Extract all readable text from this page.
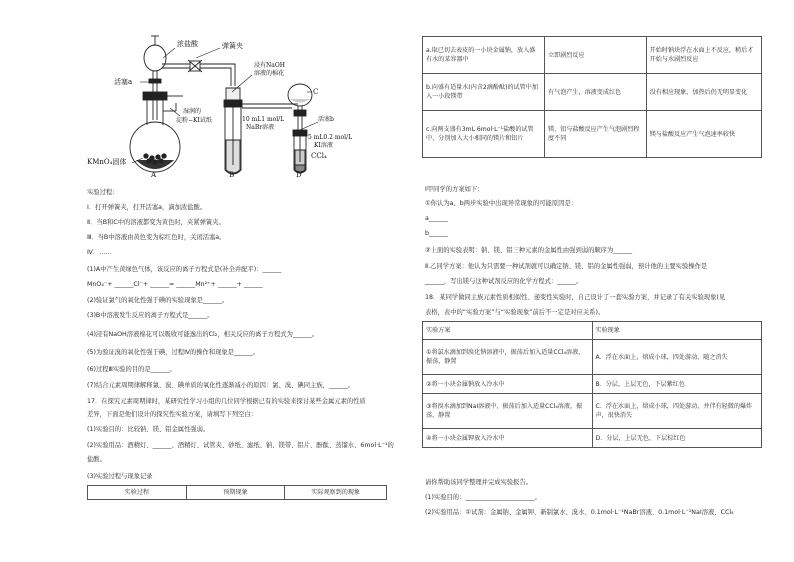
浓盐酸
活塞a
弹簧夹
浸有NaOH
溶液的棉花
湿润的
淀粉−KI试纸	10 mL1 mol/L
NaBr溶液
C
活塞b
5 mL0.2 mol/L
KI溶液
CCl₄
KMnO₄固体
A	B	D
实验过程：
Ⅰ．打开弹簧夹，打开活塞a，滴加浓盐酸。
Ⅱ．当B和C中的溶液都变为黄色时，夹紧弹簧夹。
Ⅲ．当B中溶液由黄色变为棕红色时，关闭活塞a。
Ⅳ．……
(1)A中产生黄绿色气体，该反应的离子方程式是(补全并配平)：______
MnO₄⁻+ ______Cl⁻+ ______= ______Mn²⁺+ ______+ ______
(2)验证氯气的氧化性强于碘的实验现象是______。
(3)B中溶液发生反应的离子方程式是______。
(4)浸有NaOH溶液棉花可以吸收可能逸出的Cl₂，相关反应的离子方程式为______。
(5)为验证溴的氧化性强于碘，过程Ⅳ的操作和现象是______。
(6)过程Ⅲ实验的目的是______。
(7)结合元素周期律解释氯、溴、碘单质的氧化性逐渐减小的原因：氯、溴、碘同主族，______。
17．在探究元素周期律时，某研究性学习小组的几位同学根据已有的实验来探讨某些金属元素的性质
差异，下面是他们设计的探究性实验方案，请填写下列空白：
(1)实验目的：比较钠、镁、铝金属性强弱。
(2)实验用品：酒精灯、______、酒精灯、试管夹、砂纸、滤纸、钠、镁带、铝片、酚酞、蒸馏水、6mol·L⁻¹的
盐酸。
(3)实验过程与现象记录
实验过程	预期现象	实际观察到的现象
a.取已切去表皮的一小块金属钠，放入盛有水的某容器中	立即剧烈反应	开始时钠块浮在水面上不反应，稍后才开始与水剧烈反应
b.向盛有适量水(内含2滴酚酞)的试管中加入一小段镁带	有气泡产生，溶液变成红色	没有相应现象，加热后仍无明显变化
c.向两支盛有3mL 6mol·L⁻¹盐酸的试管中，分别加入大小相同的镁片和铝片	镁、铝与盐酸反应产生气泡剧烈程度不同	镁与盐酸反应产生气泡速率较快
Ⅰ甲同学的方案如下：
①你认为a、b两步实验中出现异常现象的可能原因是：
a______
b______
②上面的实验表明：钠、镁、铝三种元素的金属性由强到弱的顺序为______
Ⅱ.乙同学方案：他认为只需要一种试剂就可以确定钠、镁、铝的金属性强弱，预计他的主要实验操作是
______，写出镁与这种试剂反应的化学方程式：______。
18．某同学做同主族元素性质相似性、递变性实验时，自己设计了一套实验方案，并记录了有关实验现象(见
表格，表中的“实验方案”与“实验现象”前后不一定是对应关系)。
实验方案	实验现象
①将氯水滴加到溴化钠溶液中，振荡后加入适量CCl₄溶液，振荡，静置	A．浮在水面上，熔成小球，四处游动，随之消失
②将一小块金属钠放入冷水中	B．分层，上层无色，下层紫红色
③将溴水滴加到NaI溶液中，振荡后加入适量CCl₄溶液，振荡，静置	C．浮在水面上，熔成小球，四处游动，并伴有轻微的爆炸声，很快消失
④将一小块金属钾放入冷水中	D．分层，上层无色，下层棕红色
请你帮助该同学整理并完成实验报告。
(1)实验目的：______________________。
(2)实验用品：①试剂：金属钠、金属钾、新制氯水、溴水、0.1mol·L⁻¹NaBr溶液、0.1mol·L⁻¹NaI溶液、CCl₄
